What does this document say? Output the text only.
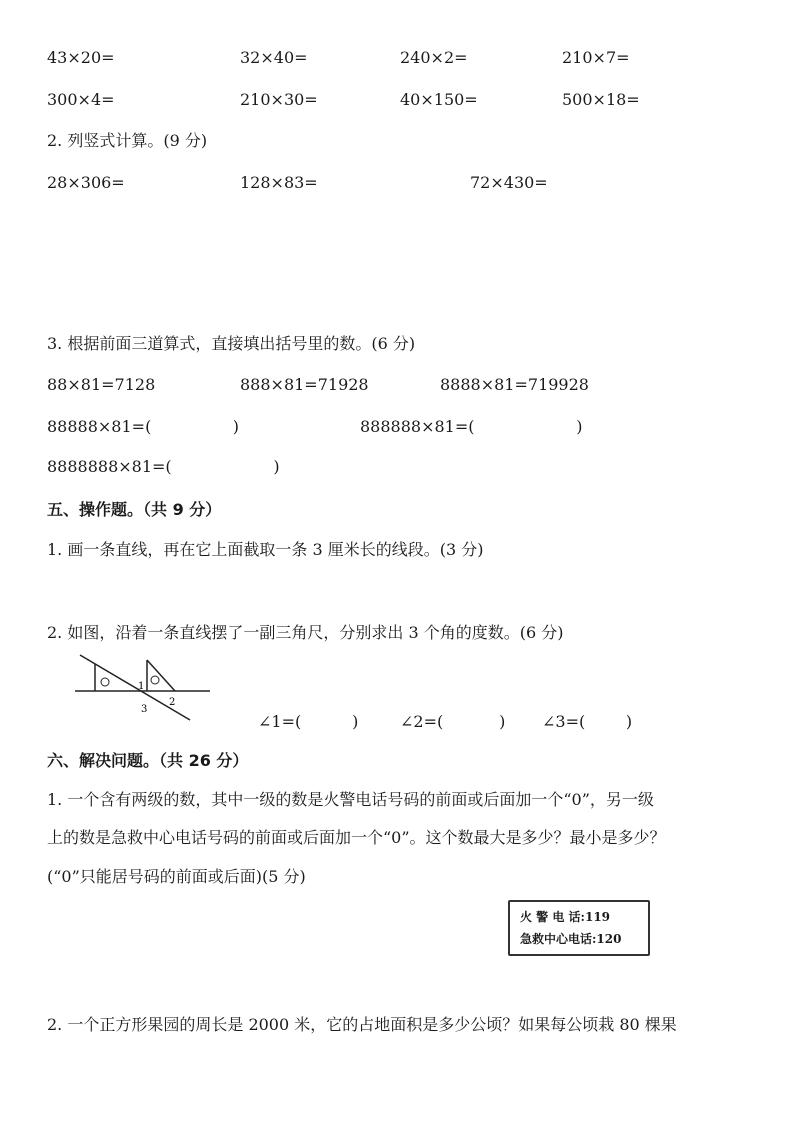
43×20=	32×40=	240×2=	210×7=
300×4=	210×30=	40×150=	500×18=
2. 列竖式计算。(9 分)
28×306=	128×83=	72×430=
3. 根据前面三道算式，直接填出括号里的数。(6 分)
88×81=7128	888×81=71928	8888×81=719928
88888×81=(                )	888888×81=(                    )
8888888×81=(                    )
五、操作题。（共 9 分）
1. 画一条直线，再在它上面截取一条 3 厘米长的线段。(3 分)
2. 如图，沿着一条直线摆了一副三角尺，分别求出 3 个角的度数。(6 分)
1
2
3
∠1=(          )	∠2=(           ) ∠3=(        )
六、解决问题。（共 26 分）
1. 一个含有两级的数，其中一级的数是火警电话号码的前面或后面加一个“0”，另一级
上的数是急救中心电话号码的前面或后面加一个“0”。这个数最大是多少？最小是多少？
(“0”只能居号码的前面或后面)(5 分)
火 警 电 话:119
急救中心电话:120
2. 一个正方形果园的周长是 2000 米，它的占地面积是多少公顷？如果每公顷栽 80 棵果
